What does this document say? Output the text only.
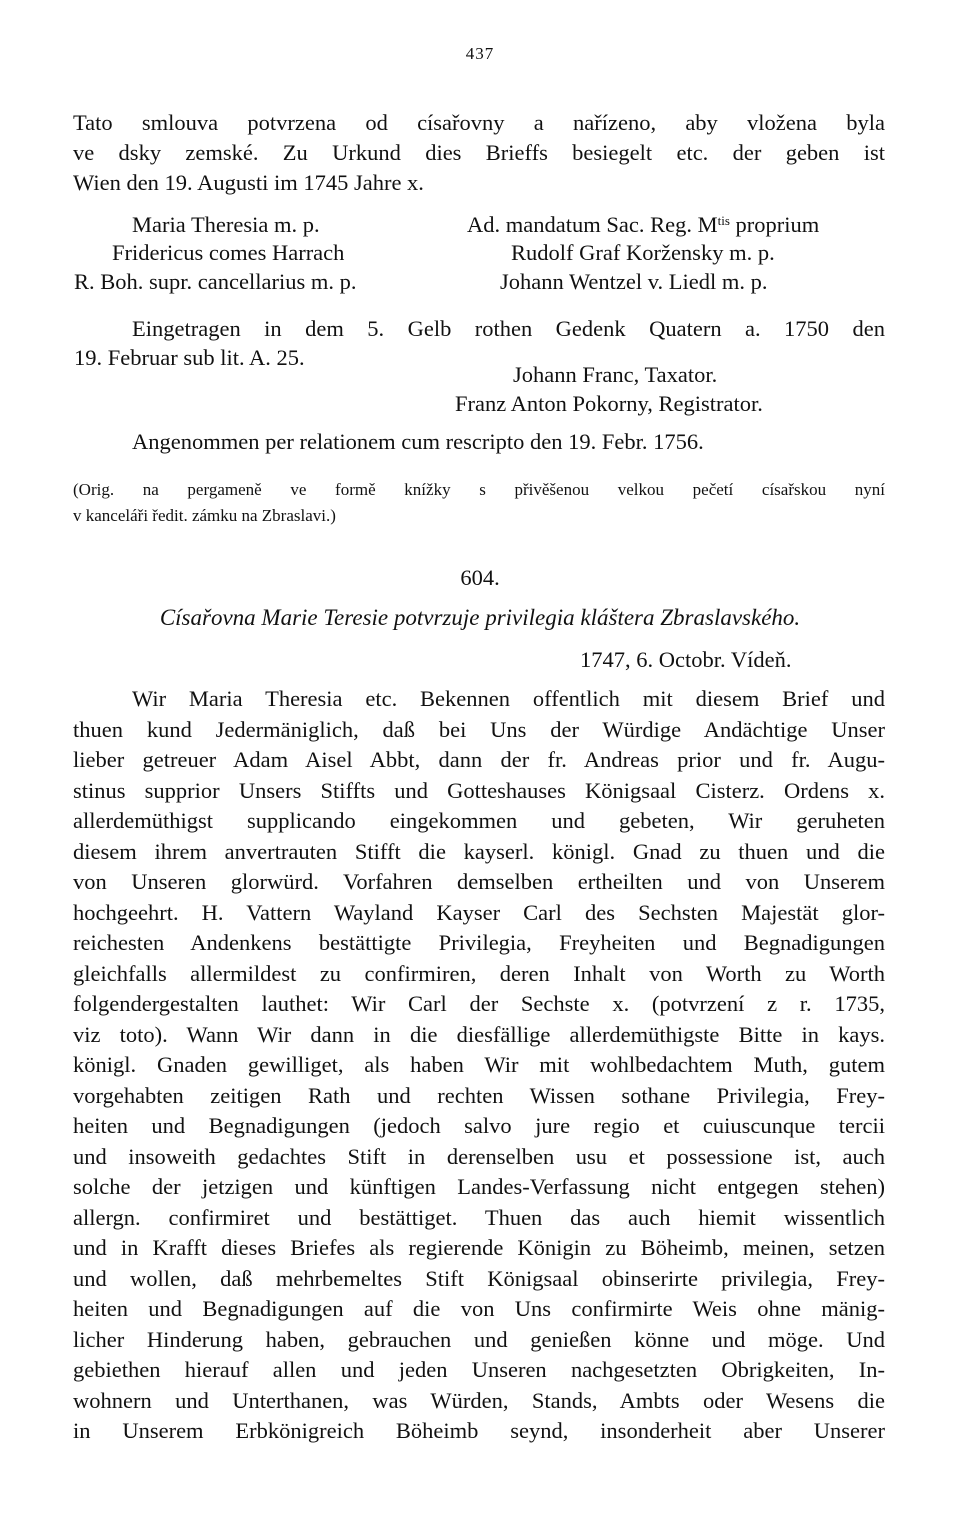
437
Tato smlouva potvrzena od císařovny a nařízeno, aby vložena byla
ve dsky zemské. Zu Urkund dies Brieffs besiegelt etc. der geben ist
Wien den 19. Augusti im 1745 Jahre x.
Maria Theresia m. p.
Fridericus comes Harrach
R. Boh. supr. cancellarius m. p.
Ad. mandatum Sac. Reg. $M^{tis}$ proprium
Rudolf Graf Koržensky m. p.
Johann Wentzel v. Liedl m. p.
Eingetragen in dem 5. Gelb rothen Gedenk Quatern a. 1750 den
19. Februar sub lit. A. 25.
Johann Franc, Taxator.
Franz Anton Pokorny, Registrator.
Angenommen per relationem cum rescripto den 19. Febr. 1756.
(Orig. na pergameně ve formě knížky s přivěšenou velkou pečetí císařskou nyní
v kanceláři ředit. zámku na Zbraslavi.)
604.
Císařovna Marie Teresie potvrzuje privilegia kláštera Zbraslavského.
1747, 6. Octobr. Vídeň.
Wir Maria Theresia etc. Bekennen offentlich mit diesem Brief und
thuen kund Jedermäniglich, daß bei Uns der Würdige Andächtige Unser
lieber getreuer Adam Aisel Abbt, dann der fr. Andreas prior und fr. Augu-
stinus supprior Unsers Stiffts und Gotteshauses Königsaal Cisterz. Ordens x.
allerdemüthigst supplicando eingekommen und gebeten, Wir geruheten
diesem ihrem anvertrauten Stifft die kayserl. königl. Gnad zu thuen und die
von Unseren glorwürd. Vorfahren demselben ertheilten und von Unserem
hochgeehrt. H. Vattern Wayland Kayser Carl des Sechsten Majestät glor-
reichesten Andenkens bestättigte Privilegia, Freyheiten und Begnadigungen
gleichfalls allermildest zu confirmiren, deren Inhalt von Worth zu Worth
folgendergestalten lauthet: Wir Carl der Sechste x. (potvrzení z r. 1735,
viz toto). Wann Wir dann in die diesfällige allerdemüthigste Bitte in kays.
königl. Gnaden gewilliget, als haben Wir mit wohlbedachtem Muth, gutem
vorgehabten zeitigen Rath und rechten Wissen sothane Privilegia, Frey-
heiten und Begnadigungen (jedoch salvo jure regio et cuiuscunque tercii
und insoweith gedachtes Stift in derenselben usu et possessione ist, auch
solche der jetzigen und künftigen Landes-Verfassung nicht entgegen stehen)
allergn. confirmiret und bestättiget. Thuen das auch hiemit wissentlich
und in Krafft dieses Briefes als regierende Königin zu Böheimb, meinen, setzen
und wollen, daß mehrbemeltes Stift Königsaal obinserirte privilegia, Frey-
heiten und Begnadigungen auf die von Uns confirmirte Weis ohne mänig-
licher Hinderung haben, gebrauchen und genießen könne und möge. Und
gebiethen hierauf allen und jeden Unseren nachgesetzten Obrigkeiten, In-
wohnern und Unterthanen, was Würden, Stands, Ambts oder Wesens die
in Unserem Erbkönigreich Böheimb seynd, insonderheit aber Unserer
